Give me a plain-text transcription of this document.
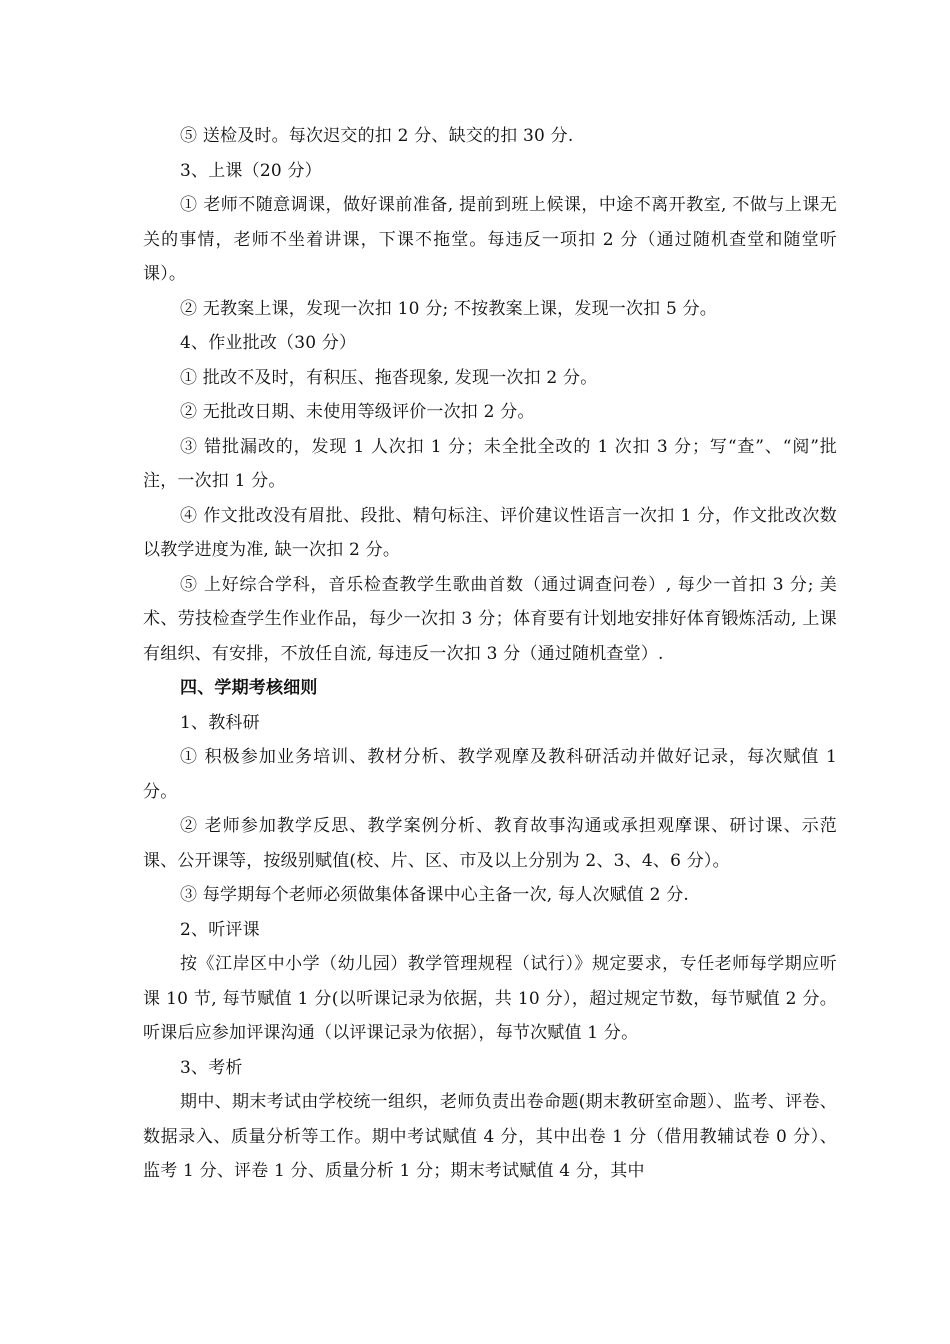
⑤ 送检及时。每次迟交的扣 2 分、缺交的扣 30 分.

3、上课（20 分）

① 老师不随意调课，做好课前准备, 提前到班上候课，中途不离开教室, 不做与上课无关的事情，老师不坐着讲课，下课不拖堂。每违反一项扣 2 分（通过随机查堂和随堂听课）。

② 无教案上课，发现一次扣 10 分; 不按教案上课，发现一次扣 5 分。

4、作业批改（30 分）

① 批改不及时，有积压、拖沓现象, 发现一次扣 2 分。

② 无批改日期、未使用等级评价一次扣 2 分。

③ 错批漏改的，发现 1 人次扣 1 分；未全批全改的 1 次扣 3 分；写“查”、“阅”批注，一次扣 1 分。

④ 作文批改没有眉批、段批、精句标注、评价建议性语言一次扣 1 分，作文批改次数以教学进度为准, 缺一次扣 2 分。

⑤ 上好综合学科，音乐检查教学生歌曲首数（通过调查问卷）, 每少一首扣 3 分; 美术、劳技检查学生作业作品，每少一次扣 3 分；体育要有计划地安排好体育锻炼活动, 上课有组织、有安排，不放任自流, 每违反一次扣 3 分（通过随机查堂）.

四、学期考核细则

1、教科研

① 积极参加业务培训、教材分析、教学观摩及教科研活动并做好记录，每次赋值 1 分。

② 老师参加教学反思、教学案例分析、教育故事沟通或承担观摩课、研讨课、示范课、公开课等，按级别赋值(校、片、区、市及以上分别为 2、3、4、6 分）。

③ 每学期每个老师必须做集体备课中心主备一次, 每人次赋值 2 分.

2、听评课

按《江岸区中小学（幼儿园）教学管理规程（试行）》规定要求，专任老师每学期应听课 10 节, 每节赋值 1 分(以听课记录为依据，共 10 分），超过规定节数，每节赋值 2 分。听课后应参加评课沟通（以评课记录为依据），每节次赋值 1 分。

3、考析

期中、期末考试由学校统一组织，老师负责出卷命题(期末教研室命题）、监考、评卷、数据录入、质量分析等工作。期中考试赋值 4 分，其中出卷 1 分（借用教辅试卷 0 分）、监考 1 分、评卷 1 分、质量分析 1 分；期末考试赋值 4 分，其中
